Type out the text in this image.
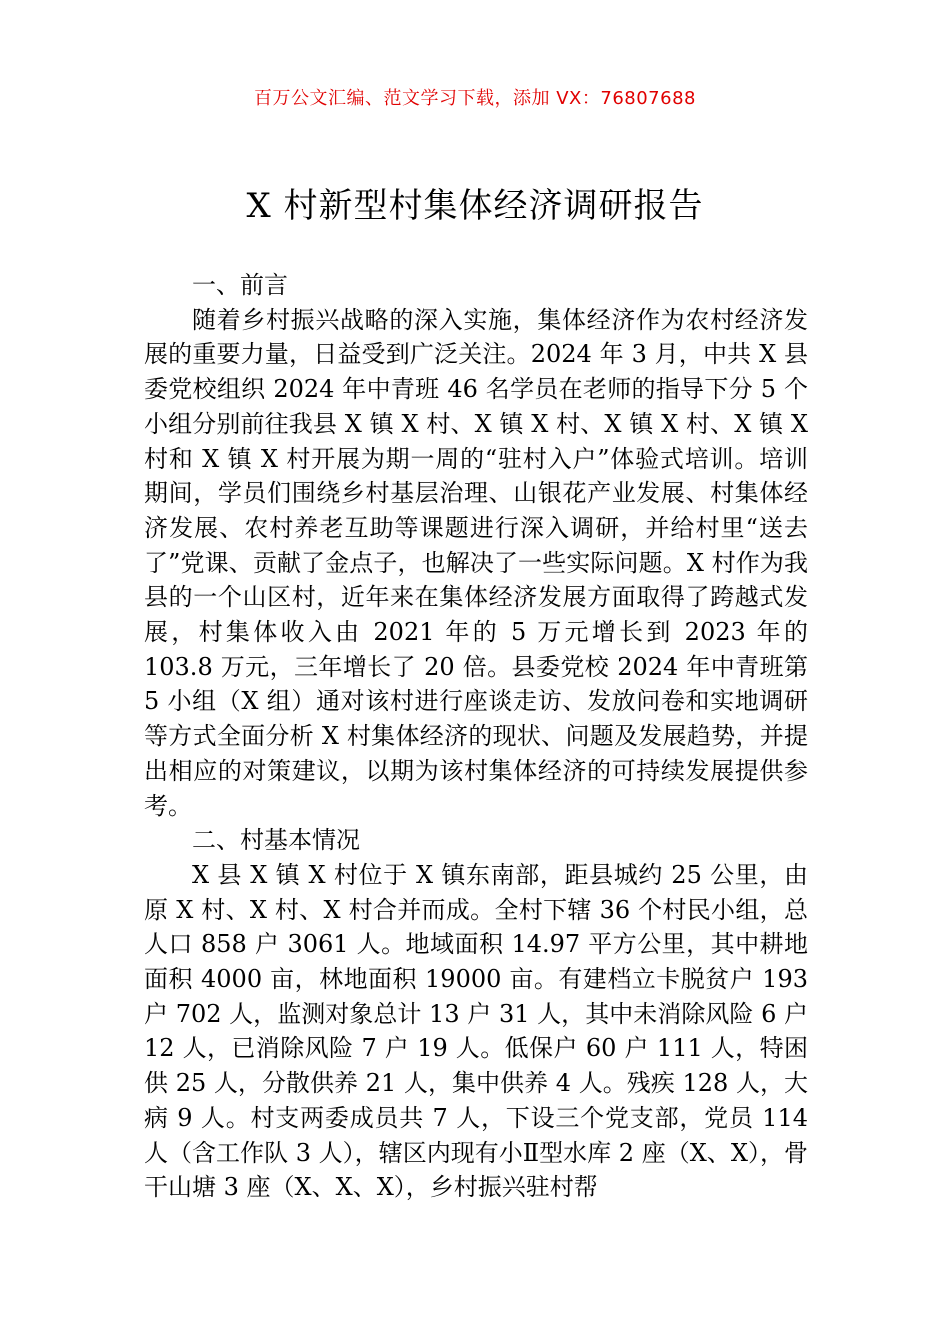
百万公文汇编、范文学习下载，添加 VX：76807688
X 村新型村集体经济调研报告

一、前言

随着乡村振兴战略的深入实施，集体经济作为农村经济发展的重要力量，日益受到广泛关注。2024 年 3 月，中共 X 县委党校组织 2024 年中青班 46 名学员在老师的指导下分 5 个小组分别前往我县 X 镇 X 村、X 镇 X 村、X 镇 X 村、X 镇 X 村和 X 镇 X 村开展为期一周的“驻村入户”体验式培训。培训期间，学员们围绕乡村基层治理、山银花产业发展、村集体经济发展、农村养老互助等课题进行深入调研，并给村里“送去了”党课、贡献了金点子，也解决了一些实际问题。X 村作为我县的一个山区村，近年来在集体经济发展方面取得了跨越式发展，村集体收入由 2021 年的 5 万元增长到 2023 年的 103.8 万元，三年增长了 20 倍。县委党校 2024 年中青班第 5 小组（X 组）通对该村进行座谈走访、发放问卷和实地调研等方式全面分析 X 村集体经济的现状、问题及发展趋势，并提出相应的对策建议，以期为该村集体经济的可持续发展提供参考。

二、村基本情况

X 县 X 镇 X 村位于 X 镇东南部，距县城约 25 公里，由原 X 村、X 村、X 村合并而成。全村下辖 36 个村民小组，总人口 858 户 3061 人。地域面积 14.97 平方公里，其中耕地面积 4000 亩，林地面积 19000 亩。有建档立卡脱贫户 193 户 702 人，监测对象总计 13 户 31 人，其中未消除风险 6 户 12 人，已消除风险 7 户 19 人。低保户 60 户 111 人，特困供 25 人，分散供养 21 人，集中供养 4 人。残疾 128 人，大病 9 人。村支两委成员共 7 人，下设三个党支部，党员 114 人（含工作队 3 人），辖区内现有小Ⅱ型水库 2 座（X、X），骨干山塘 3 座（X、X、X），乡村振兴驻村帮
